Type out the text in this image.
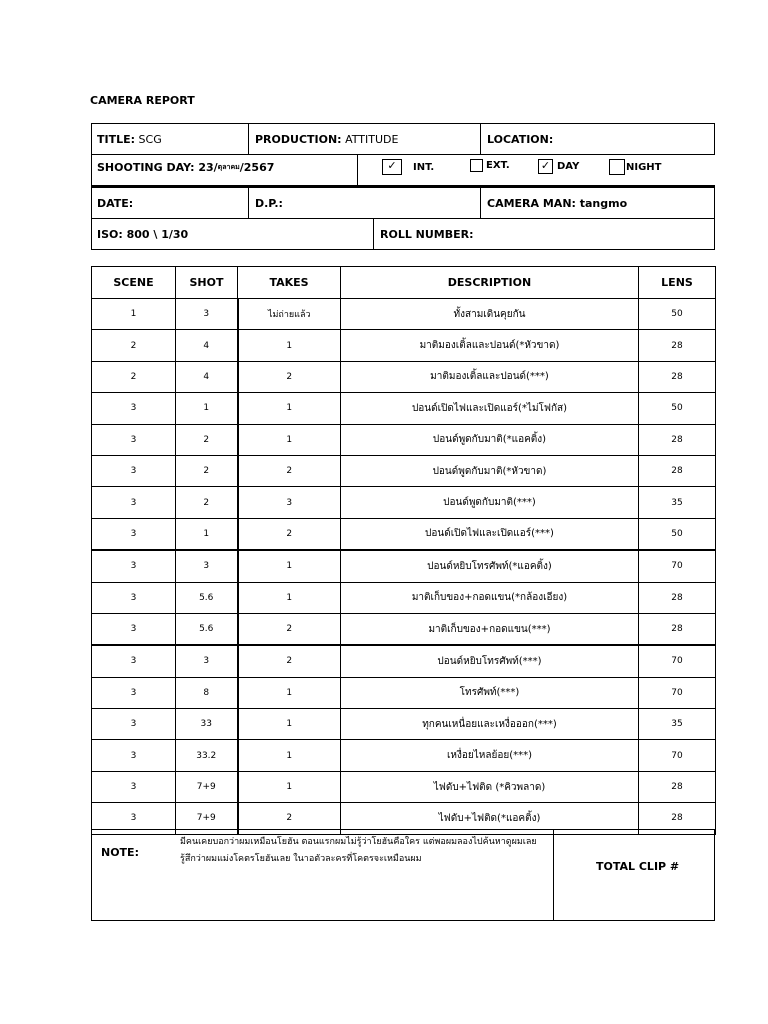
CAMERA REPORT
TITLE:
SCG	PRODUCTION:
ATTITUDE	LOCATION:
SHOOTING DAY:
23/ ตุลาคม /2567	✓	INT.	EXT.	✓ DAY	NIGHT
DATE:	D.P.:	CAMERA MAN: tangmo
ISO: 800 \ 1/30	ROLL NUMBER:
SCENE	SHOT	TAKES	DESCRIPTION	LENS
1	3	ไม่ถ่ายแล้ว	ทั้งสามเดินคุยกัน	50
2	4	1	มาติมองเติ้ลและปอนด์(*หัวขาด)	28
2	4	2	มาติมองเติ้ลและปอนด์(***)	28
3	1	1	ปอนด์เปิดไฟและเปิดแอร์(*ไม่โฟกัส)	50
3	2	1	ปอนด์พูดกับมาติ(*แอคติ้ง)	28
3	2	2	ปอนด์พูดกับมาติ(*หัวขาด)	28
3	2	3	ปอนด์พูดกับมาติ(***)	35
3	1	2	ปอนด์เปิดไฟและเปิดแอร์(***)	50
3	3	1	ปอนด์หยิบโทรศัพท์(*แอคติ้ง)	70
3	5.6	1	มาติเก็บของ+กอดแขน(*กล้องเอียง)	28
3	5.6	2	มาติเก็บของ+กอดแขน(***)	28
3	3	2	ปอนด์หยิบโทรศัพท์(***)	70
3	8	1	โทรศัพท์(***)	70
3	33	1	ทุกคนเหนื่อยและเหงื่อออก(***)	35
3	33.2	1	เหงื่อยไหลย้อย(***)	70
3	7+9	1	ไฟดับ+ไฟติด (*คิวพลาด)	28
3	7+9	2	ไฟดับ+ไฟติด(*แอคติ้ง)	28
NOTE:
มีคนเคยบอกว่าผมเหมือนโยฮัน ตอนแรกผมไม่รู้ว่าโยฮันคือใคร แต่พอผมลองไปค้นหาดูผมเลยรู้สึกว่าผมแม่งโคตรโยฮันเลย ในาอตัวละครที่โคตรจะเหมือนผม
TOTAL CLIP #
